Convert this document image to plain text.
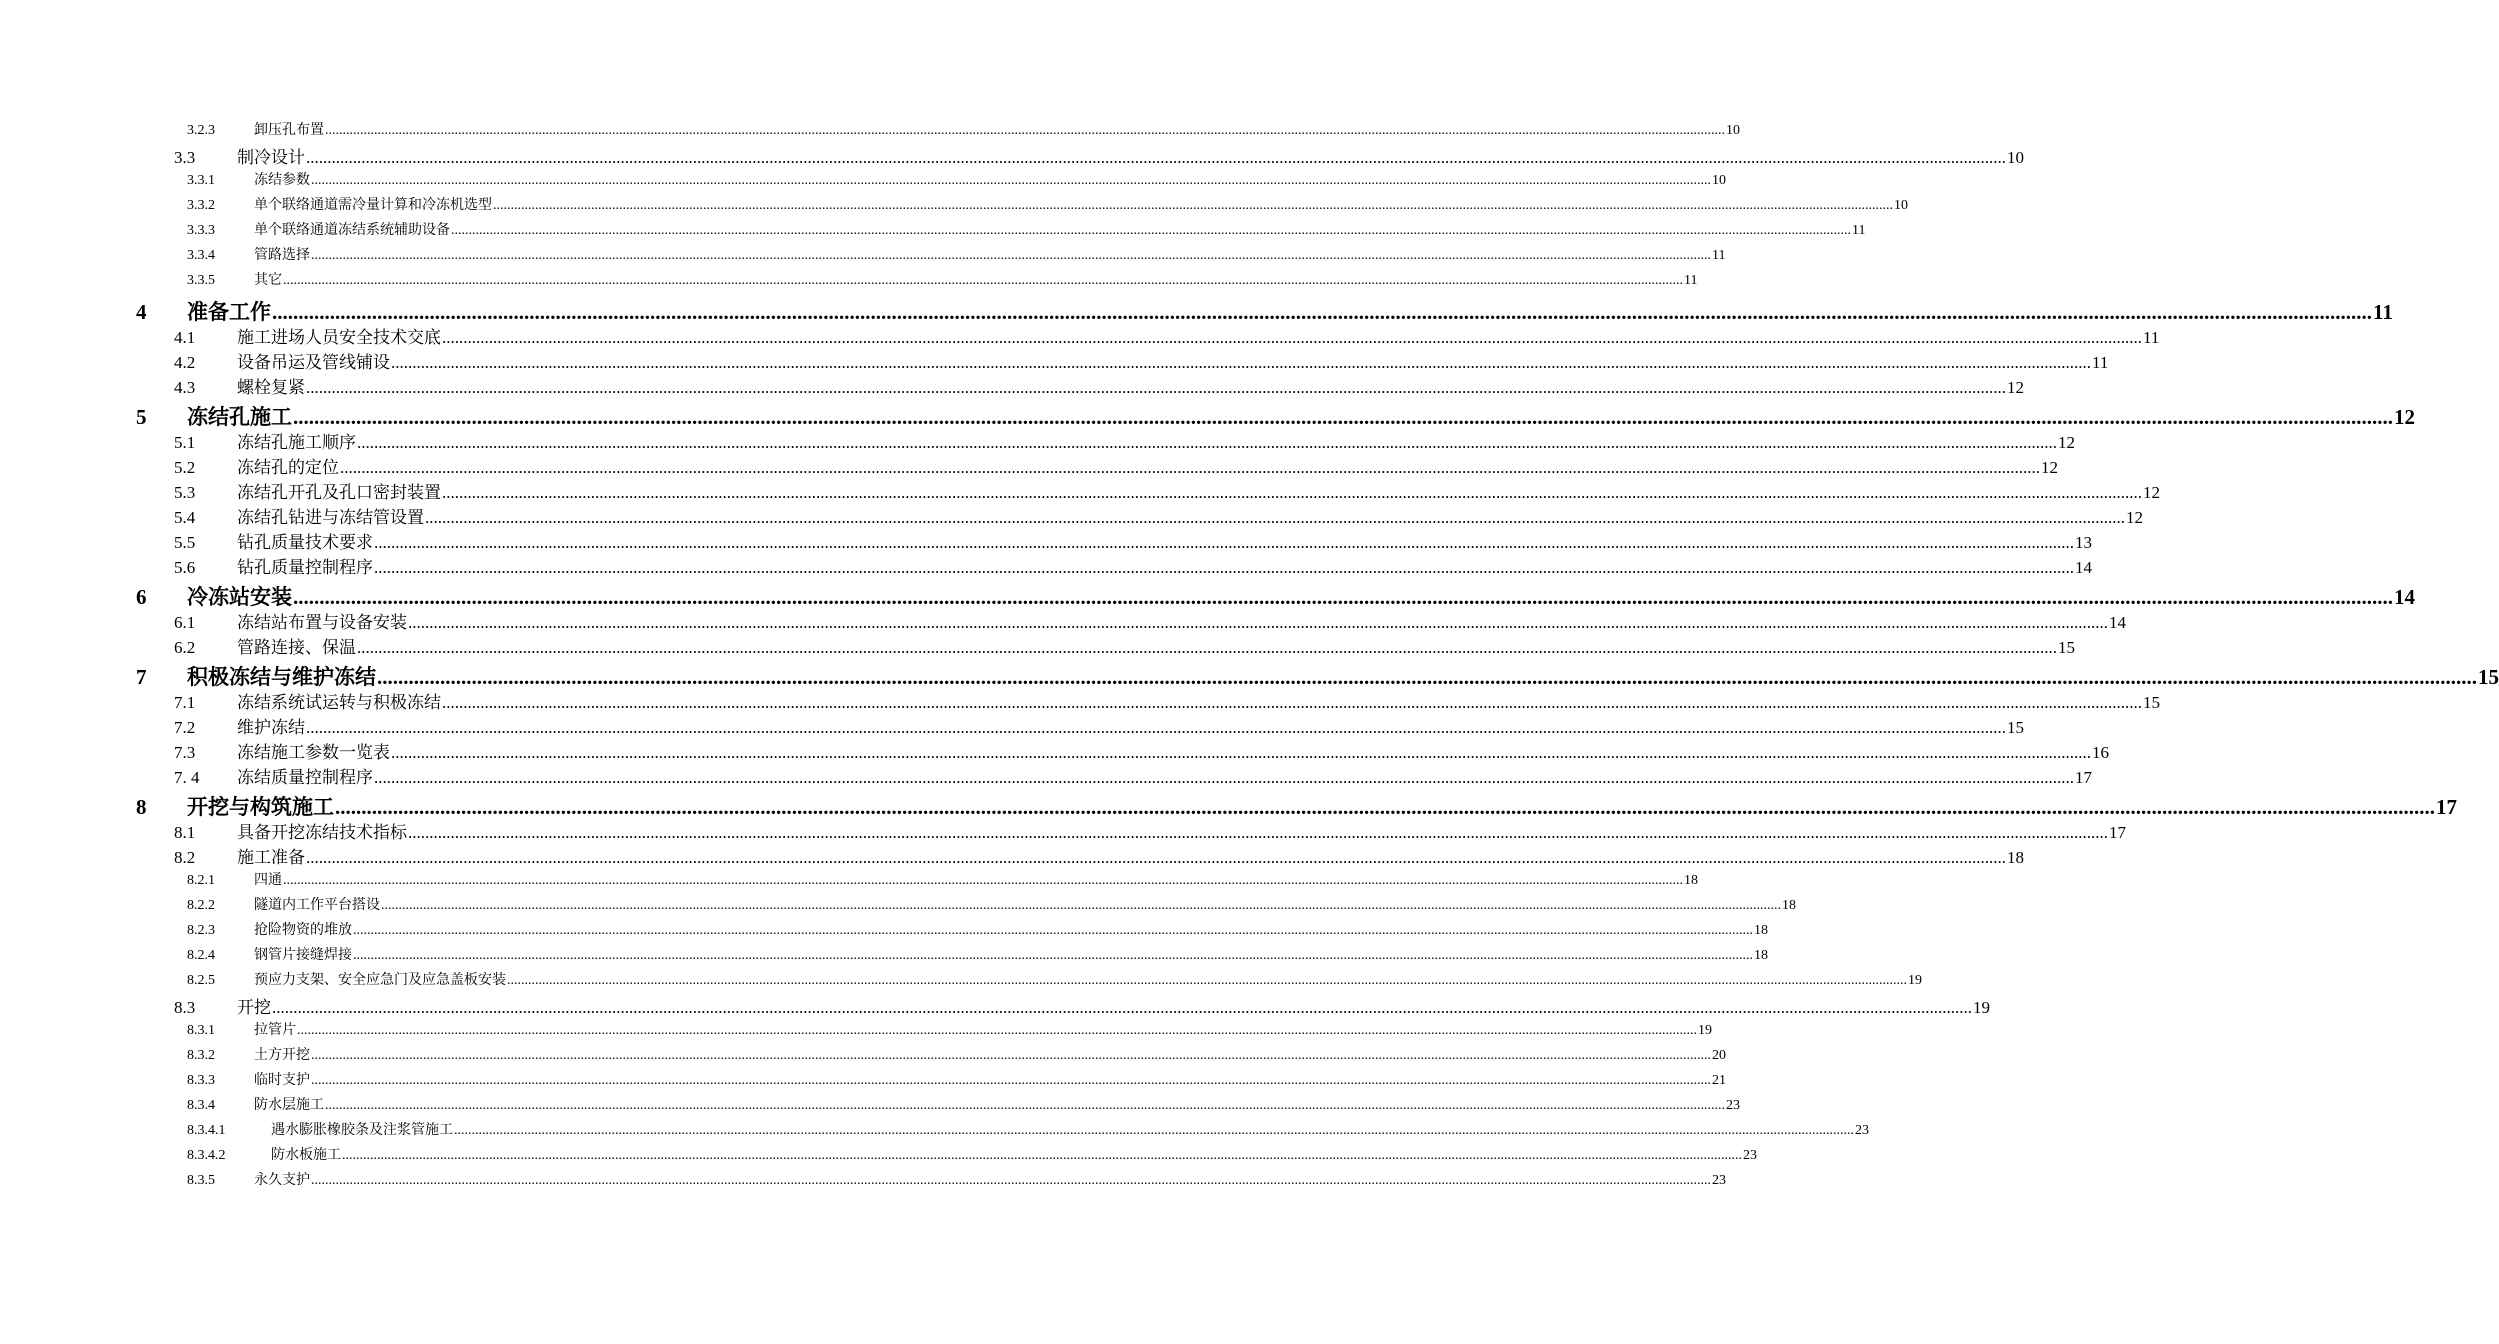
3.2.3	卸压孔布置 ................................................................................................................................................................................................................................................................................................................................................................................................................ 10
3.3 制冷设计 ................................................................................................................................................................................................................................................................................................................................................................................................................ 10
3.3.1	冻结参数 ................................................................................................................................................................................................................................................................................................................................................................................................................ 10
3.3.2	单个联络通道需冷量计算和冷冻机选型 ................................................................................................................................................................................................................................................................................................................................................................................................................ 10
3.3.3	单个联络通道冻结系统辅助设备 ................................................................................................................................................................................................................................................................................................................................................................................................................ 11
3.3.4	管路选择 ................................................................................................................................................................................................................................................................................................................................................................................................................ 11
3.3.5	其它 ................................................................................................................................................................................................................................................................................................................................................................................................................ 11
4 准备工作 ................................................................................................................................................................................................................................................................................................................................................................................................................ 11
4.1 施工进场人员安全技术交底 ................................................................................................................................................................................................................................................................................................................................................................................................................ 11
4.2 设备吊运及管线铺设 ................................................................................................................................................................................................................................................................................................................................................................................................................ 11
4.3 螺栓复紧 ................................................................................................................................................................................................................................................................................................................................................................................................................ 12
5 冻结孔施工 ................................................................................................................................................................................................................................................................................................................................................................................................................ 12
5.1 冻结孔施工顺序 ................................................................................................................................................................................................................................................................................................................................................................................................................ 12
5.2 冻结孔的定位 ................................................................................................................................................................................................................................................................................................................................................................................................................ 12
5.3 冻结孔开孔及孔口密封装置 ................................................................................................................................................................................................................................................................................................................................................................................................................ 12
5.4 冻结孔钻进与冻结管设置 ................................................................................................................................................................................................................................................................................................................................................................................................................ 12
5.5 钻孔质量技术要求 ................................................................................................................................................................................................................................................................................................................................................................................................................ 13
5.6 钻孔质量控制程序 ................................................................................................................................................................................................................................................................................................................................................................................................................ 14
6 冷冻站安装 ................................................................................................................................................................................................................................................................................................................................................................................................................ 14
6.1 冻结站布置与设备安装 ................................................................................................................................................................................................................................................................................................................................................................................................................ 14
6.2 管路连接、保温 ................................................................................................................................................................................................................................................................................................................................................................................................................ 15
7 积极冻结与维护冻结 ................................................................................................................................................................................................................................................................................................................................................................................................................ 15
7.1 冻结系统试运转与积极冻结 ................................................................................................................................................................................................................................................................................................................................................................................................................ 15
7.2 维护冻结 ................................................................................................................................................................................................................................................................................................................................................................................................................ 15
7.3 冻结施工参数一览表 ................................................................................................................................................................................................................................................................................................................................................................................................................ 16
7. 4 冻结质量控制程序 ................................................................................................................................................................................................................................................................................................................................................................................................................ 17
8 开挖与构筑施工 ................................................................................................................................................................................................................................................................................................................................................................................................................ 17
8.1 具备开挖冻结技术指标 ................................................................................................................................................................................................................................................................................................................................................................................................................ 17
8.2 施工准备 ................................................................................................................................................................................................................................................................................................................................................................................................................ 18
8.2.1	四通 ................................................................................................................................................................................................................................................................................................................................................................................................................ 18
8.2.2	隧道内工作平台搭设 ................................................................................................................................................................................................................................................................................................................................................................................................................ 18
8.2.3	抢险物资的堆放 ................................................................................................................................................................................................................................................................................................................................................................................................................ 18
8.2.4	钢管片接缝焊接 ................................................................................................................................................................................................................................................................................................................................................................................................................ 18
8.2.5	预应力支架、安全应急门及应急盖板安装 ................................................................................................................................................................................................................................................................................................................................................................................................................ 19
8.3 开挖 ................................................................................................................................................................................................................................................................................................................................................................................................................ 19
8.3.1	拉管片 ................................................................................................................................................................................................................................................................................................................................................................................................................ 19
8.3.2	土方开挖 ................................................................................................................................................................................................................................................................................................................................................................................................................ 20
8.3.3	临时支护 ................................................................................................................................................................................................................................................................................................................................................................................................................ 21
8.3.4	防水层施工 ................................................................................................................................................................................................................................................................................................................................................................................................................ 23
8.3.4.1	遇水膨胀橡胶条及注浆管施工 ................................................................................................................................................................................................................................................................................................................................................................................................................ 23
8.3.4.2	防水板施工 ................................................................................................................................................................................................................................................................................................................................................................................................................ 23
8.3.5	永久支护 ................................................................................................................................................................................................................................................................................................................................................................................................................ 23
